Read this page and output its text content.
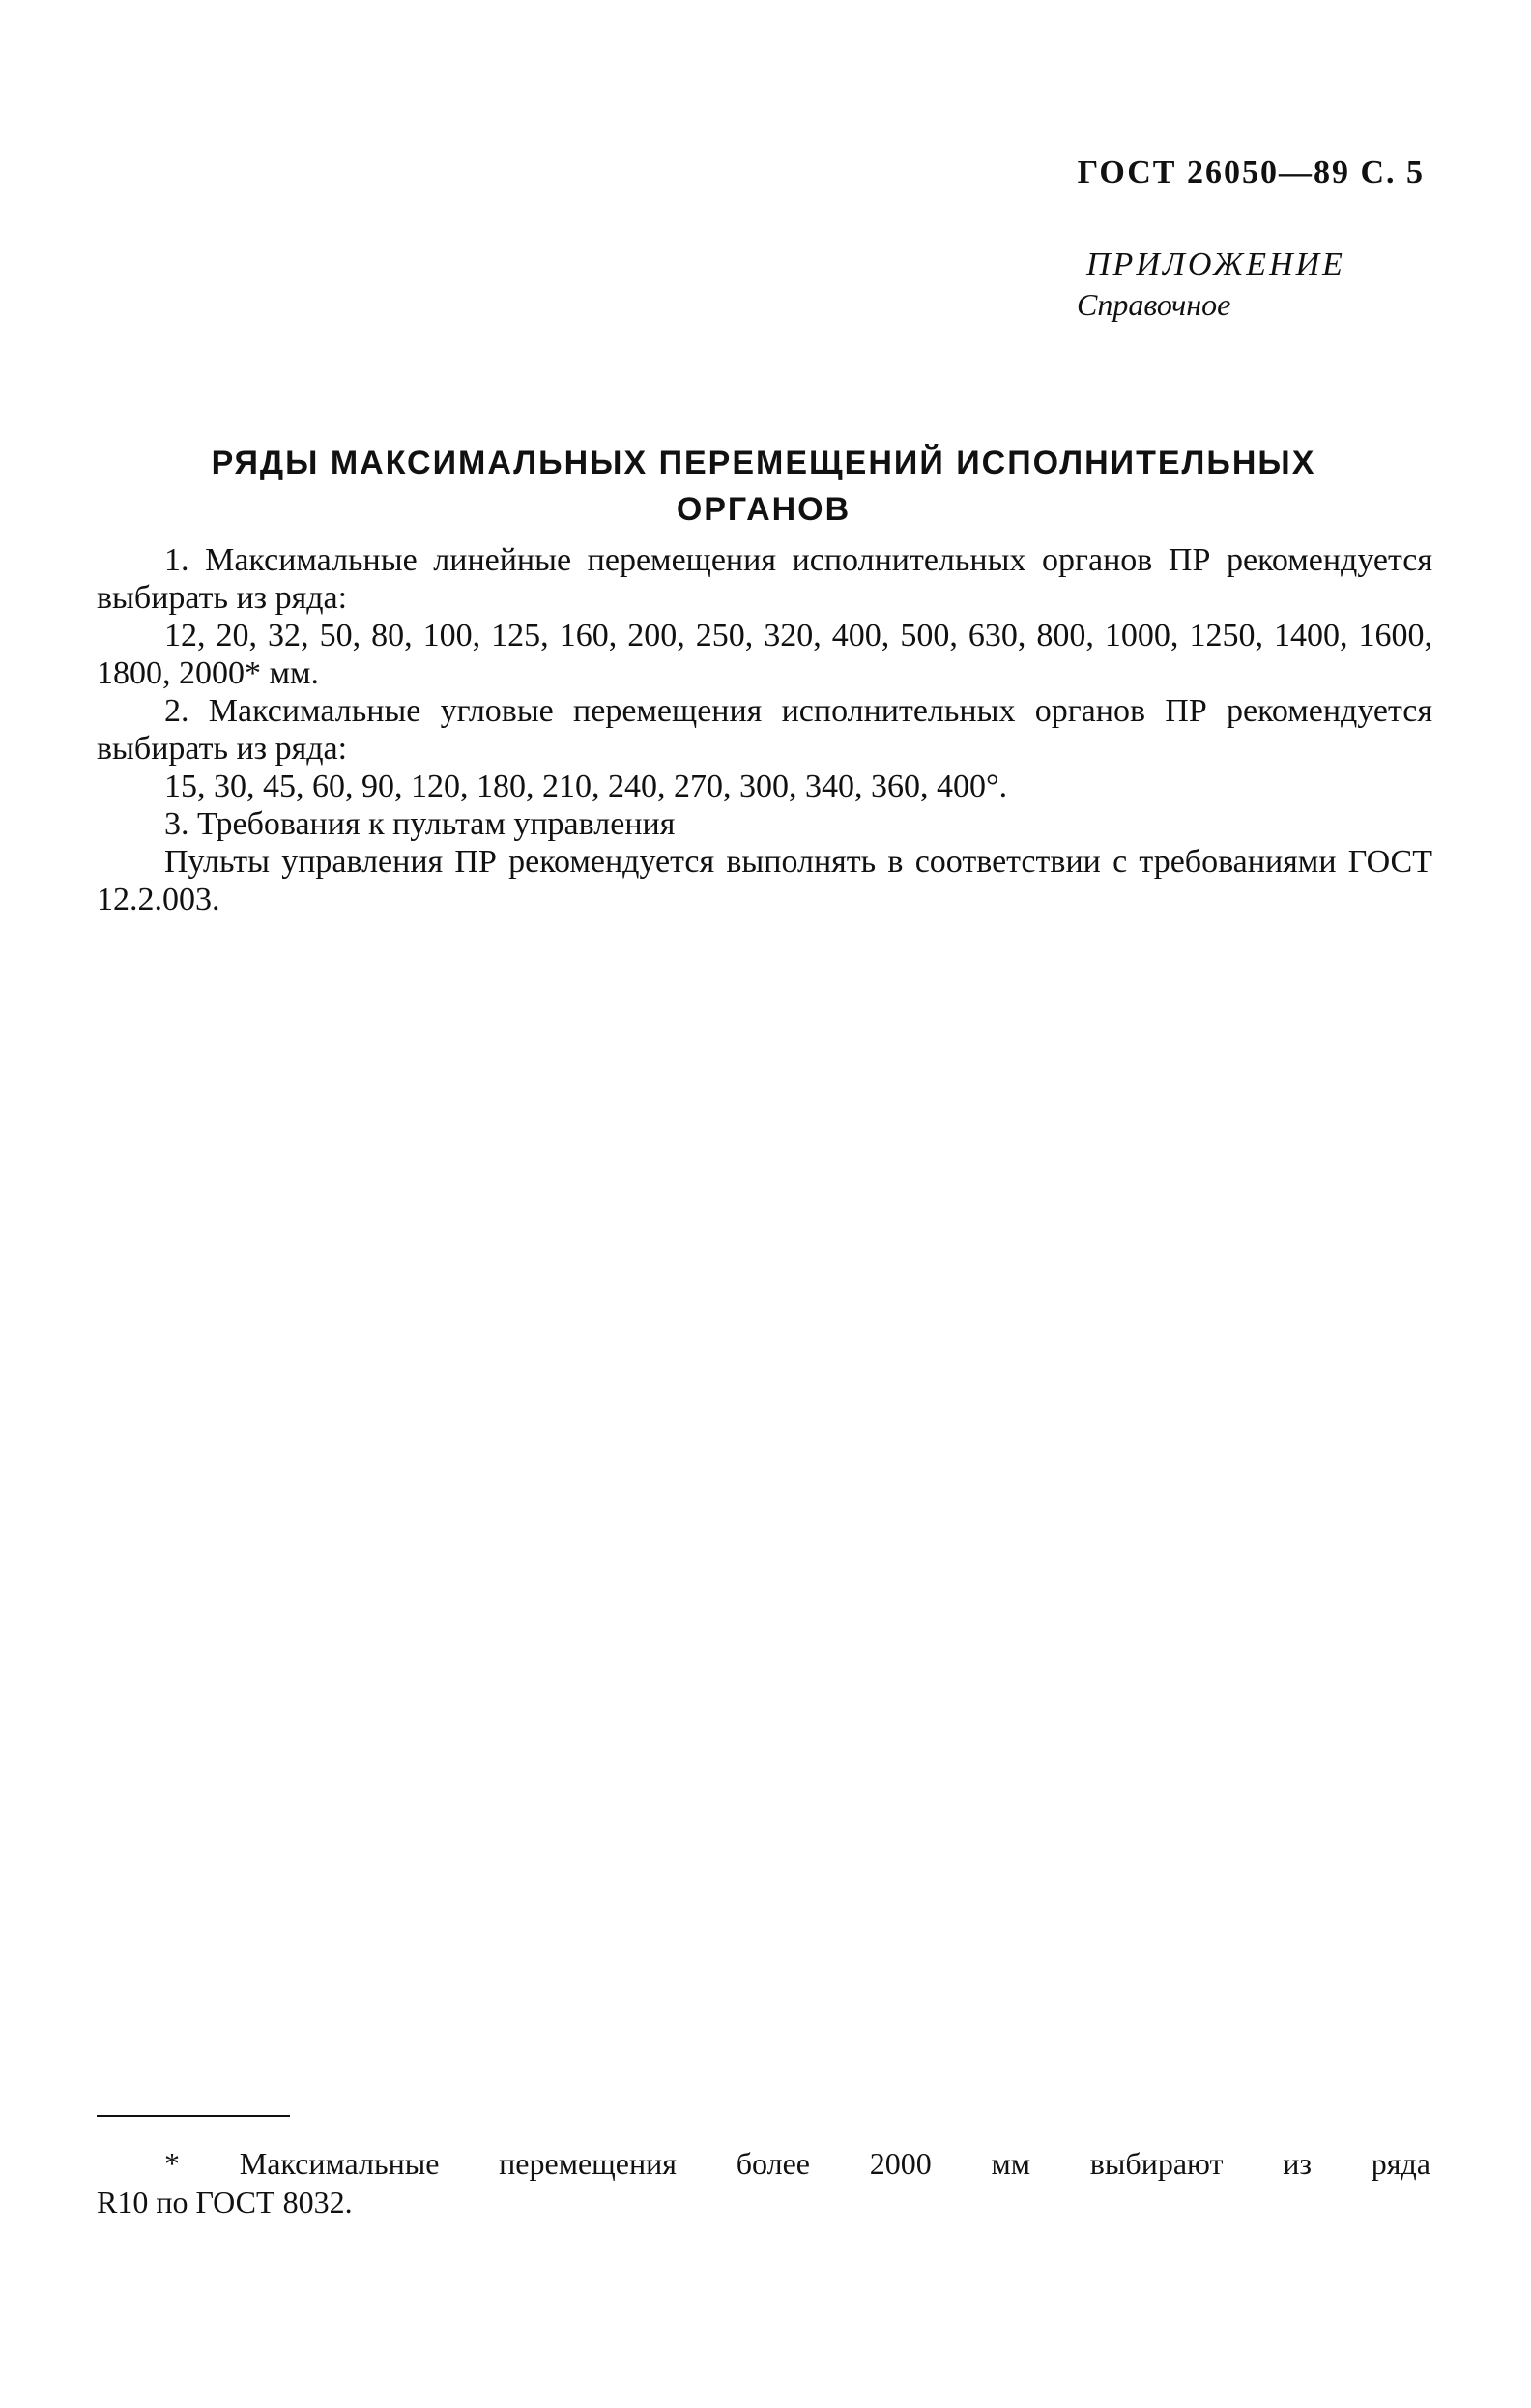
ГОСТ 26050—89 С. 5
ПРИЛОЖЕНИЕ
Справочное
РЯДЫ МАКСИМАЛЬНЫХ ПЕРЕМЕЩЕНИЙ ИСПОЛНИТЕЛЬНЫХ
ОРГАНОВ

1. Максимальные линейные перемещения исполнительных органов ПР рекомендуется выбирать из ряда:

12, 20, 32, 50, 80, 100, 125, 160, 200, 250, 320, 400, 500, 630, 800, 1000, 1250, 1400, 1600, 1800, 2000* мм.

2. Максимальные угловые перемещения исполнительных органов ПР рекомендуется выбирать из ряда:

15, 30, 45, 60, 90, 120, 180, 210, 240, 270, 300, 340, 360, 400°.

3. Требования к пультам управления

Пульты управления ПР рекомендуется выполнять в соответствии с требованиями ГОСТ 12.2.003.

* Максимальные перемещения более 2000 мм выбирают из ряда
R10 по ГОСТ 8032.
